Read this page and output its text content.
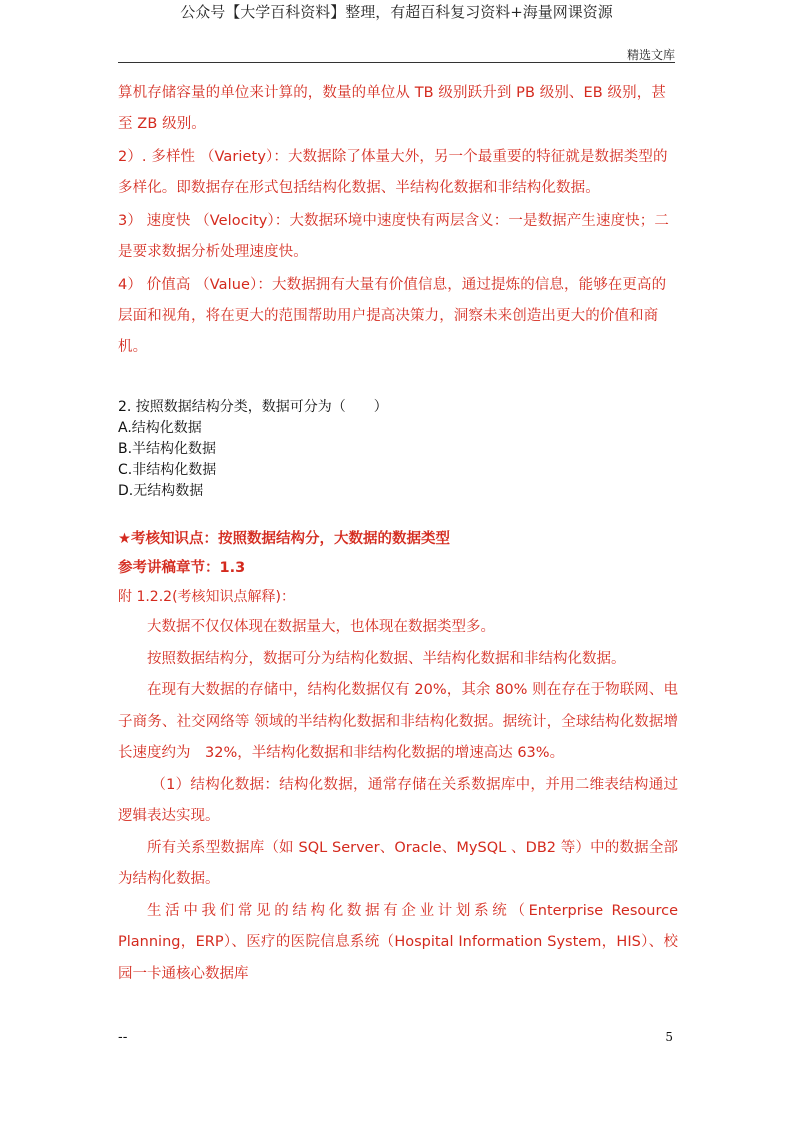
公众号【大学百科资料】整理，有超百科复习资料+海量网课资源
精选文库

算机存储容量的单位来计算的，数量的单位从 TB 级别跃升到 PB 级别、EB 级别，甚至 ZB 级别。

2）. 多样性 （Variety）：大数据除了体量大外，另一个最重要的特征就是数据类型的多样化。即数据存在形式包括结构化数据、半结构化数据和非结构化数据。

3） 速度快 （Velocity）：大数据环境中速度快有两层含义：一是数据产生速度快；二是要求数据分析处理速度快。

4） 价值高 （Value）：大数据拥有大量有价值信息，通过提炼的信息，能够在更高的层面和视角，将在更大的范围帮助用户提高决策力，洞察未来创造出更大的价值和商机。

2. 按照数据结构分类，数据可分为（　　）
A.结构化数据
B.半结构化数据
C.非结构化数据
D.无结构数据
★考核知识点：按照数据结构分，大数据的数据类型
参考讲稿章节：1.3
附 1.2.2(考核知识点解释)：

大数据不仅仅体现在数据量大，也体现在数据类型多。

按照数据结构分，数据可分为结构化数据、半结构化数据和非结构化数据。

在现有大数据的存储中，结构化数据仅有 20%，其余 80% 则在存在于物联网、电子商务、社交网络等 领域的半结构化数据和非结构化数据。据统计，全球结构化数据增长速度约为　32%，半结构化数据和非结构化数据的增速高达 63%。

（1）结构化数据：结构化数据，通常存储在关系数据库中，并用二维表结构通过逻辑表达实现。

所有关系型数据库（如 SQL Server、Oracle、MySQL 、DB2 等）中的数据全部为结构化数据。

生活中我们常见的结构化数据有企业计划系统（Enterprise Resource Planning，ERP）、医疗的医院信息系统（Hospital Information System，HIS）、校园一卡通核心数据库

--	5
